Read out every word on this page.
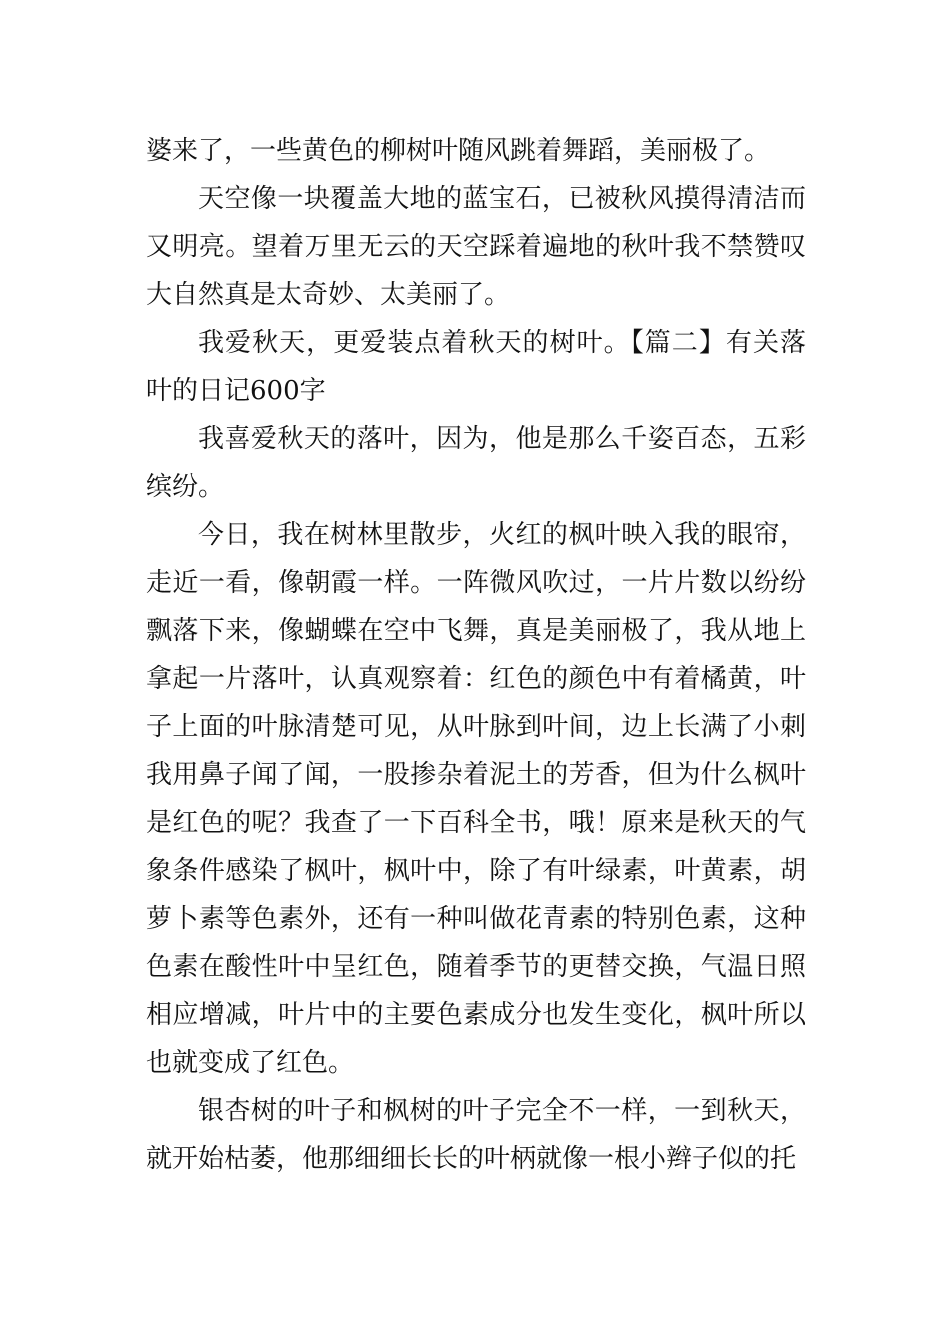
婆来了，一些黄色的柳树叶随风跳着舞蹈，美丽极了。

天空像一块覆盖大地的蓝宝石，已被秋风摸得清洁而又明亮。望着万里无云的天空踩着遍地的秋叶我不禁赞叹大自然真是太奇妙、太美丽了。

我爱秋天，更爱装点着秋天的树叶。【篇二】有关落叶的日记600字

我喜爱秋天的落叶，因为，他是那么千姿百态，五彩缤纷。

今日，我在树林里散步，火红的枫叶映入我的眼帘，走近一看，像朝霞一样。一阵微风吹过，一片片数以纷纷飘落下来，像蝴蝶在空中飞舞，真是美丽极了，我从地上拿起一片落叶，认真观察着：红色的颜色中有着橘黄，叶子上面的叶脉清楚可见，从叶脉到叶间，边上长满了小刺我用鼻子闻了闻，一股掺杂着泥土的芳香，但为什么枫叶是红色的呢？我查了一下百科全书，哦！原来是秋天的气象条件感染了枫叶，枫叶中，除了有叶绿素，叶黄素，胡萝卜素等色素外，还有一种叫做花青素的特别色素，这种色素在酸性叶中呈红色，随着季节的更替交换，气温日照相应增减，叶片中的主要色素成分也发生变化，枫叶所以也就变成了红色。

银杏树的叶子和枫树的叶子完全不一样，一到秋天，就开始枯萎，他那细细长长的叶柄就像一根小辫子似的托
